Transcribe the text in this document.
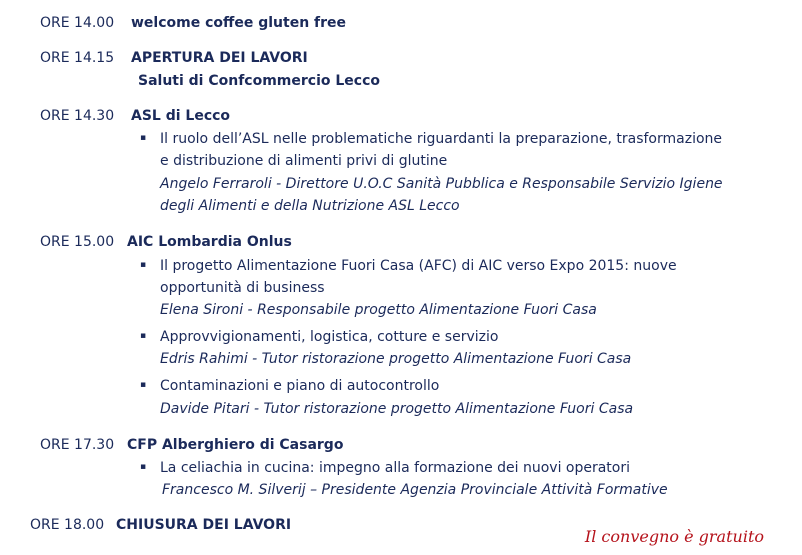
ORE 14.00 welcome coffee gluten free
ORE 14.15 APERTURA DEI LAVORI
Saluti di Confcommercio Lecco
ORE 14.30 ASL di Lecco
▪ Il ruolo dell’ASL nelle problematiche riguardanti la preparazione, trasformazione
e distribuzione di alimenti privi di glutine
Angelo Ferraroli - Direttore U.O.C Sanità Pubblica e Responsabile Servizio Igiene
degli Alimenti e della Nutrizione ASL Lecco
ORE 15.00 AIC Lombardia Onlus
▪ Il progetto Alimentazione Fuori Casa (AFC) di AIC verso Expo 2015: nuove
opportunità di business
Elena Sironi - Responsabile progetto Alimentazione Fuori Casa
▪ Approvvigionamenti, logistica, cotture e servizio
Edris Rahimi - Tutor ristorazione progetto Alimentazione Fuori Casa
▪ Contaminazioni e piano di autocontrollo
Davide Pitari - Tutor ristorazione progetto Alimentazione Fuori Casa
ORE 17.30 CFP Alberghiero di Casargo
▪ La celiachia in cucina: impegno alla formazione dei nuovi operatori
Francesco M. Silverij – Presidente Agenzia Provinciale Attività Formative
ORE 18.00 CHIUSURA DEI LAVORI
Il convegno è gratuito
